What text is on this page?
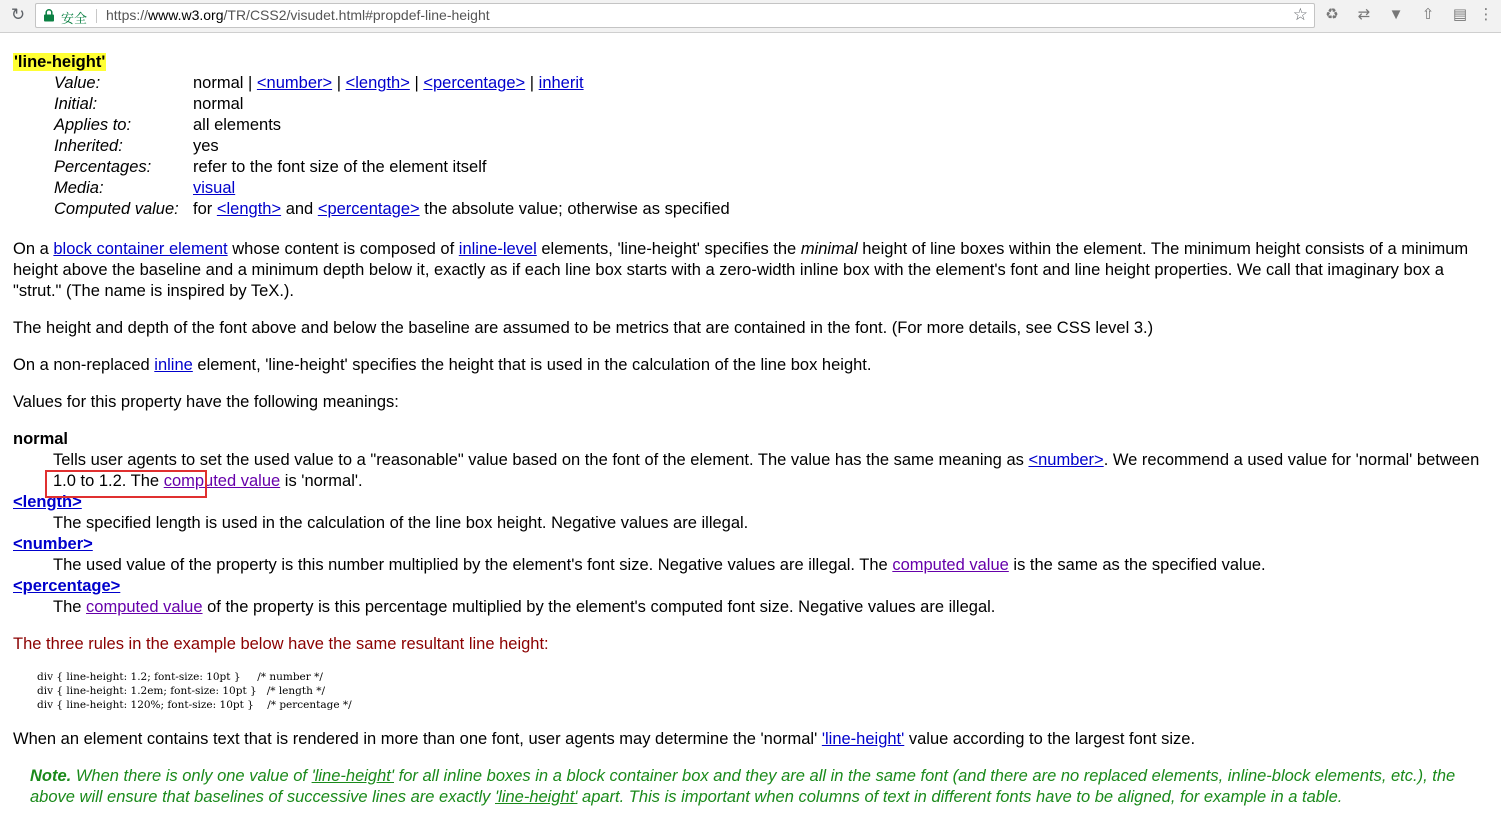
↻	安全 https://www.w3.org/TR/CSS2/visudet.html#propdef-line-height	☆ ♻ ⇄ ▼ ⇧ ▤ ⋮
'line-height'
Value:	normal | <number> | <length> | <percentage> | inherit
Initial:	normal
Applies to:	all elements
Inherited:	yes
Percentages:	refer to the font size of the element itself
Media:	visual
Computed value:	for <length> and <percentage> the absolute value; otherwise as specified

On a block container element whose content is composed of inline-level elements, 'line-height' specifies the minimal height of line boxes within the element. The minimum height consists of a minimum height above the baseline and a minimum depth below it, exactly as if each line box starts with a zero-width inline box with the element's font and line height properties. We call that imaginary box a "strut." (The name is inspired by TeX.).

The height and depth of the font above and below the baseline are assumed to be metrics that are contained in the font. (For more details, see CSS level 3.)

On a non-replaced inline element, 'line-height' specifies the height that is used in the calculation of the line box height.

Values for this property have the following meanings:

normal
Tells user agents to set the used value to a "reasonable" value based on the font of the element. The value has the same meaning as <number>. We recommend a used value for 'normal' between 1.0 to 1.2. The computed value is 'normal'.
<length>
The specified length is used in the calculation of the line box height. Negative values are illegal.
<number>
The used value of the property is this number multiplied by the element's font size. Negative values are illegal. The computed value is the same as the specified value.
<percentage>
The computed value of the property is this percentage multiplied by the element's computed font size. Negative values are illegal.

The three rules in the example below have the same resultant line height:

div { line-height: 1.2; font-size: 10pt }     /* number */
div { line-height: 1.2em; font-size: 10pt }   /* length */
div { line-height: 120%; font-size: 10pt }    /* percentage */

When an element contains text that is rendered in more than one font, user agents may determine the 'normal' 'line-height' value according to the largest font size.

Note. When there is only one value of 'line-height' for all inline boxes in a block container box and they are all in the same font (and there are no replaced elements, inline-block elements, etc.), the above will ensure that baselines of successive lines are exactly 'line-height' apart. This is important when columns of text in different fonts have to be aligned, for example in a table.
